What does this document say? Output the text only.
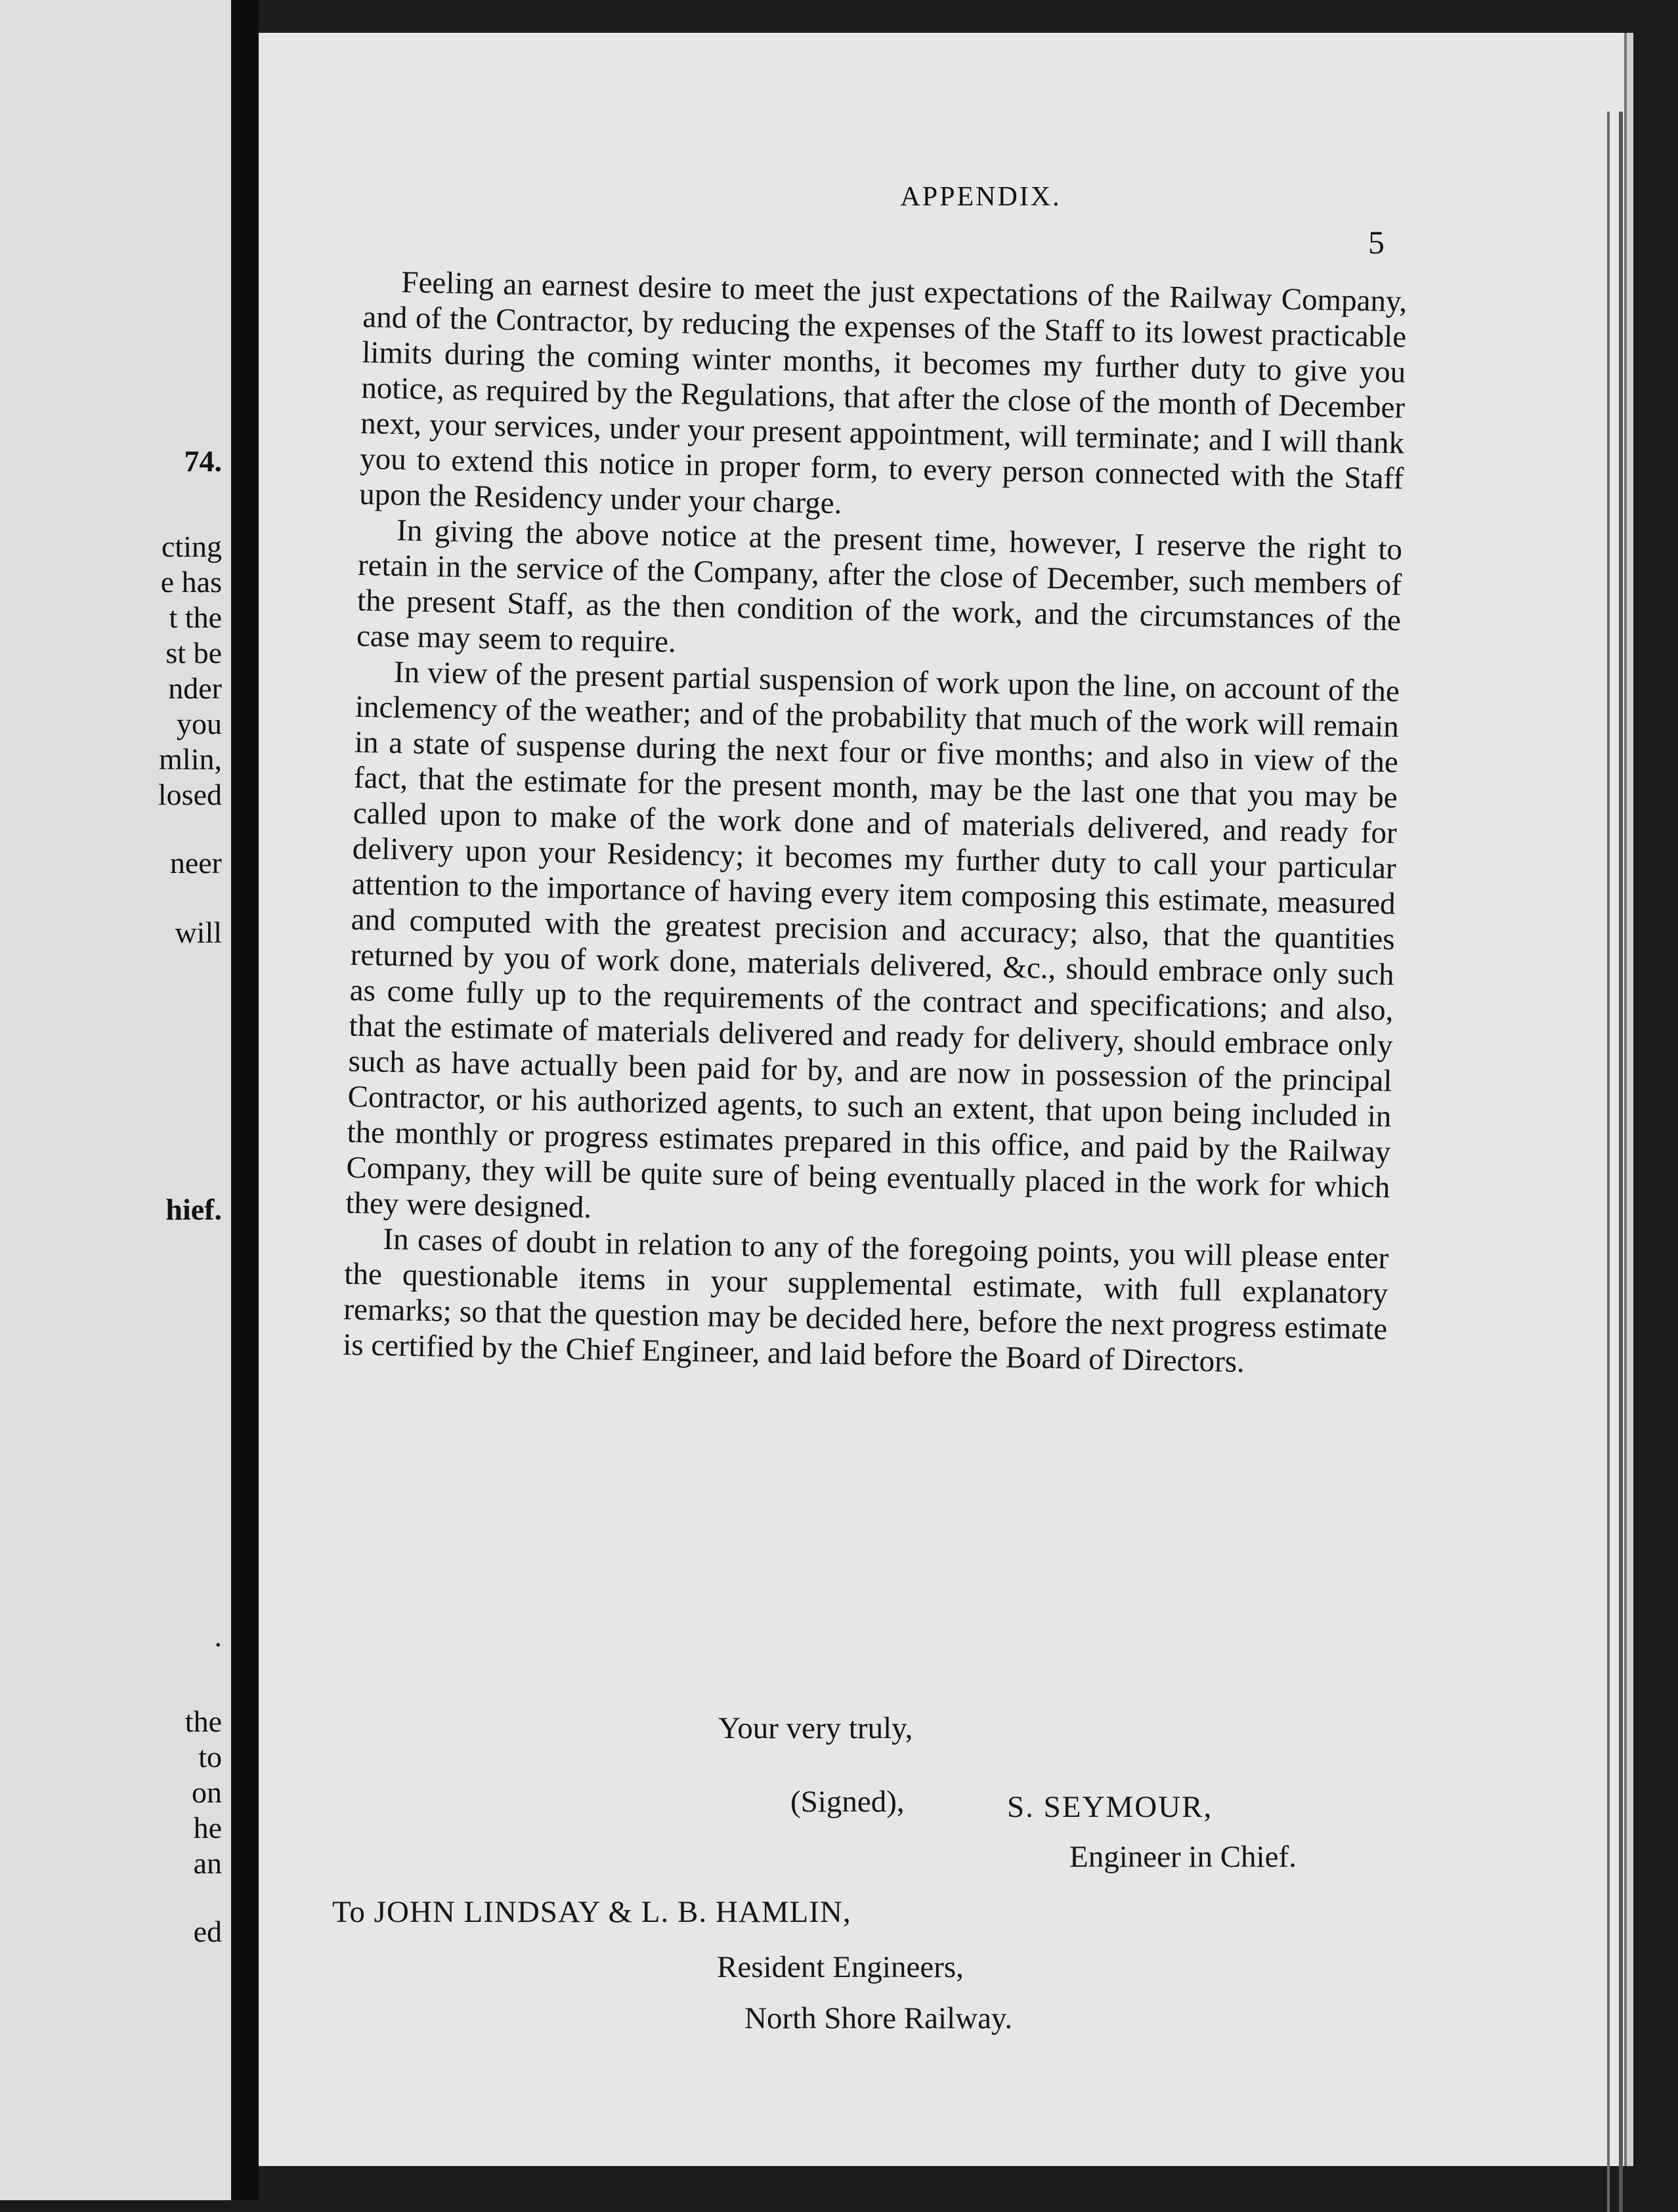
74.

cting

e has

t the

st be

nder

you

mlin,

losed

neer

will

hief.

.

the

to

on

he

an

ed

APPENDIX.

5

Feeling an earnest desire to meet the just expectations of the Railway Company, and of the Contractor, by reducing the expenses of the Staff to its lowest practicable limits during the coming winter months, it becomes my further duty to give you notice, as required by the Regulations, that after the close of the month of December next, your services, under your present appointment, will terminate; and I will thank you to extend this notice in proper form, to every person connected with the Staff upon the Residency under your charge.

In giving the above notice at the present time, however, I reserve the right to retain in the service of the Company, after the close of December, such members of the present Staff, as the then condition of the work, and the circumstances of the case may seem to require.

In view of the present partial suspension of work upon the line, on account of the inclemency of the weather; and of the probability that much of the work will remain in a state of suspense during the next four or five months; and also in view of the fact, that the estimate for the present month, may be the last one that you may be called upon to make of the work done and of materials delivered, and ready for delivery upon your Residency; it becomes my further duty to call your particular attention to the importance of having every item composing this estimate, measured and computed with the greatest precision and accuracy; also, that the quantities returned by you of work done, materials delivered, &c., should embrace only such as come fully up to the requirements of the contract and specifications; and also, that the estimate of materials delivered and ready for delivery, should embrace only such as have actually been paid for by, and are now in possession of the principal Contractor, or his authorized agents, to such an extent, that upon being included in the monthly or progress estimates prepared in this office, and paid by the Railway Company, they will be quite sure of being eventually placed in the work for which they were designed.

In cases of doubt in relation to any of the foregoing points, you will please enter the questionable items in your supplemental estimate, with full explanatory remarks; so that the question may be decided here, before the next progress estimate is certified by the Chief Engineer, and laid before the Board of Directors.

Your very truly,

(Signed),	S. SEYMOUR,

Engineer in Chief.

To JOHN LINDSAY & L. B. HAMLIN,

Resident Engineers,

North Shore Railway.
